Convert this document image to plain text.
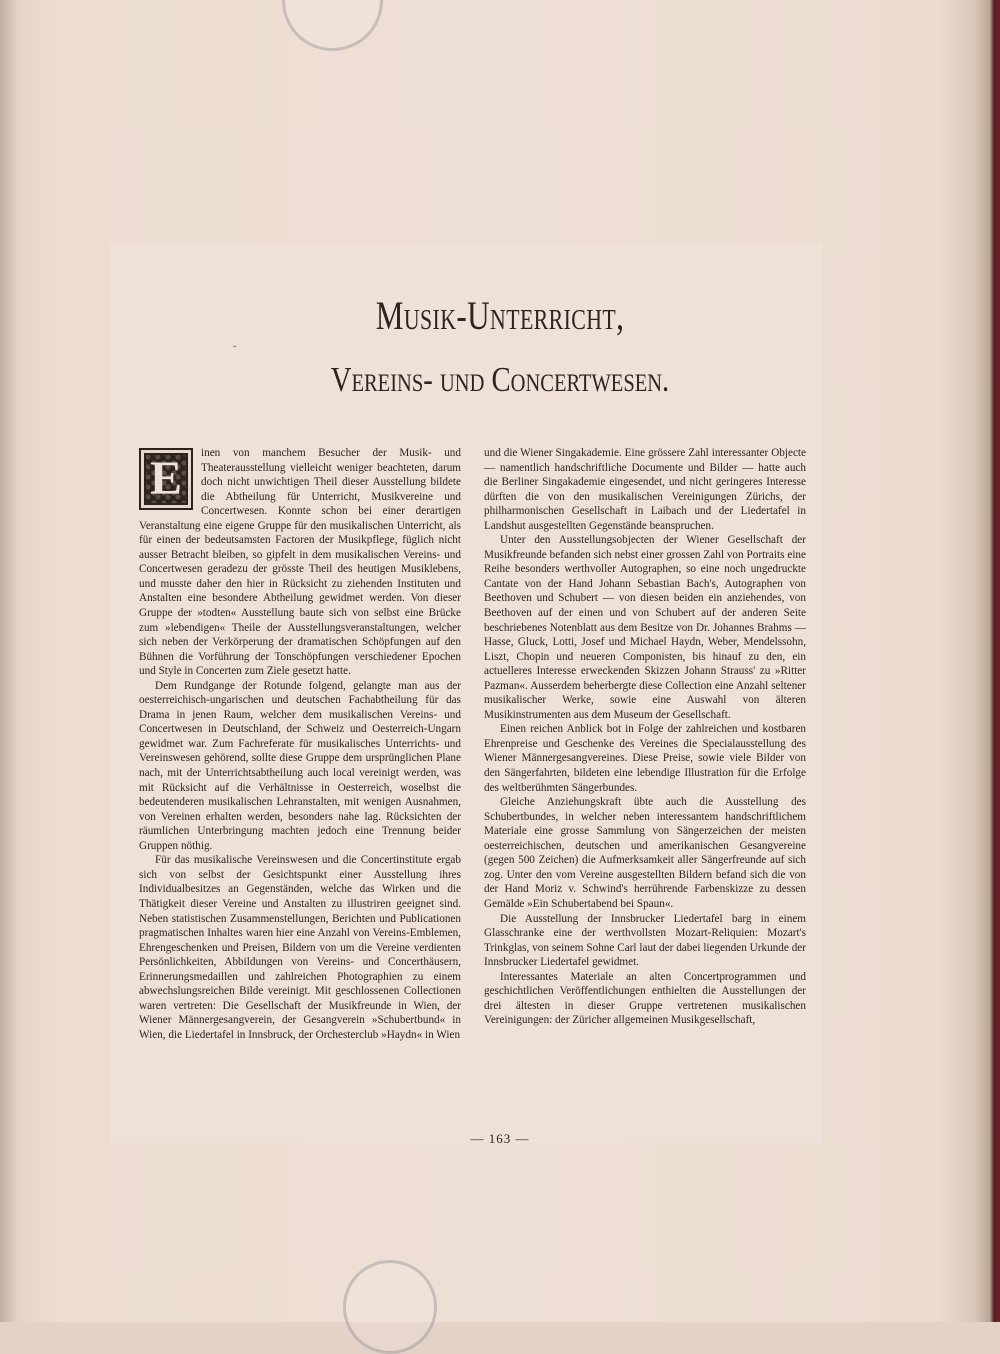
ˇ
Musik-Unterricht,
Vereins- und Concertwesen.

E inen von manchem Besucher der Musik- und Theaterausstellung vielleicht weniger beachteten, darum doch nicht unwichtigen Theil dieser Ausstellung bildete die Abtheilung für Unterricht, Musikvereine und Concertwesen. Konnte schon bei einer derartigen Veranstaltung eine eigene Gruppe für den musikalischen Unterricht, als für einen der bedeutsamsten Factoren der Musikpflege, füglich nicht ausser Betracht bleiben, so gipfelt in dem musikalischen Vereins- und Concertwesen geradezu der grösste Theil des heutigen Musiklebens, und musste daher den hier in Rücksicht zu ziehenden Instituten und Anstalten eine besondere Abtheilung gewidmet werden. Von dieser Gruppe der »todten« Ausstellung baute sich von selbst eine Brücke zum »lebendigen« Theile der Ausstellungsveranstaltungen, welcher sich neben der Verkörperung der dramatischen Schöpfungen auf den Bühnen die Vorführung der Tonschöpfungen verschiedener Epochen und Style in Concerten zum Ziele gesetzt hatte.

Dem Rundgange der Rotunde folgend, gelangte man aus der oesterreichisch-ungarischen und deutschen Fachabtheilung für das Drama in jenen Raum, welcher dem musikalischen Vereins- und Concertwesen in Deutschland, der Schweiz und Oesterreich-Ungarn gewidmet war. Zum Fachreferate für musikalisches Unterrichts- und Vereinswesen gehörend, sollte diese Gruppe dem ursprünglichen Plane nach, mit der Unterrichtsabtheilung auch local vereinigt werden, was mit Rücksicht auf die Verhältnisse in Oesterreich, woselbst die bedeutenderen musikalischen Lehranstalten, mit wenigen Ausnahmen, von Vereinen erhalten werden, besonders nahe lag. Rücksichten der räumlichen Unterbringung machten jedoch eine Trennung beider Gruppen nöthig.

Für das musikalische Vereinswesen und die Concertinstitute ergab sich von selbst der Gesichtspunkt einer Ausstellung ihres Individualbesitzes an Gegenständen, welche das Wirken und die Thätigkeit dieser Vereine und Anstalten zu illustriren geeignet sind. Neben statistischen Zusammenstellungen, Berichten und Publicationen pragmatischen Inhaltes waren hier eine Anzahl von Vereins-Emblemen, Ehrengeschenken und Preisen, Bildern von um die Vereine verdienten Persönlichkeiten, Abbildungen von Vereins- und Concerthäusern, Erinnerungsmedaillen und zahlreichen Photographien zu einem abwechslungsreichen Bilde vereinigt. Mit geschlossenen Collectionen waren vertreten: Die Gesellschaft der Musikfreunde in Wien, der Wiener Männergesangverein, der Gesangverein »Schubertbund« in Wien, die Liedertafel in Innsbruck, der Orchesterclub »Haydn« in Wien

und die Wiener Singakademie. Eine grössere Zahl interessanter Objecte — namentlich handschriftliche Documente und Bilder — hatte auch die Berliner Singakademie eingesendet, und nicht geringeres Interesse dürften die von den musikalischen Vereinigungen Zürichs, der philharmonischen Gesellschaft in Laibach und der Liedertafel in Landshut ausgestellten Gegenstände beanspruchen.

Unter den Ausstellungsobjecten der Wiener Gesellschaft der Musikfreunde befanden sich nebst einer grossen Zahl von Portraits eine Reihe besonders werthvoller Autographen, so eine noch ungedruckte Cantate von der Hand Johann Sebastian Bach's, Autographen von Beethoven und Schubert — von diesen beiden ein anziehendes, von Beethoven auf der einen und von Schubert auf der anderen Seite beschriebenes Notenblatt aus dem Besitze von Dr. Johannes Brahms — Hasse, Gluck, Lotti, Josef und Michael Haydn, Weber, Mendelssohn, Liszt, Chopin und neueren Componisten, bis hinauf zu den, ein actuelleres Interesse erweckenden Skizzen Johann Strauss' zu »Ritter Pazman«. Ausserdem beherbergte diese Collection eine Anzahl seltener musikalischer Werke, sowie eine Auswahl von älteren Musikinstrumenten aus dem Museum der Gesellschaft.

Einen reichen Anblick bot in Folge der zahlreichen und kostbaren Ehrenpreise und Geschenke des Vereines die Specialausstellung des Wiener Männergesangvereines. Diese Preise, sowie viele Bilder von den Sängerfahrten, bildeten eine lebendige Illustration für die Erfolge des weltberühmten Sängerbundes.

Gleiche Anziehungskraft übte auch die Ausstellung des Schubertbundes, in welcher neben interessantem handschriftlichem Materiale eine grosse Sammlung von Sängerzeichen der meisten oesterreichischen, deutschen und amerikanischen Gesangvereine (gegen 500 Zeichen) die Aufmerksamkeit aller Sängerfreunde auf sich zog. Unter den vom Vereine ausgestellten Bildern befand sich die von der Hand Moriz v. Schwind's herrührende Farbenskizze zu dessen Gemälde »Ein Schubertabend bei Spaun«.

Die Ausstellung der Innsbrucker Liedertafel barg in einem Glasschranke eine der werthvollsten Mozart-Reliquien: Mozart's Trinkglas, von seinem Sohne Carl laut der dabei liegenden Urkunde der Innsbrucker Liedertafel gewidmet.

Interessantes Materiale an alten Concertprogrammen und geschichtlichen Veröffentlichungen enthielten die Ausstellungen der drei ältesten in dieser Gruppe vertretenen musikalischen Vereinigungen: der Züricher allgemeinen Musikgesellschaft,

— 163 —
